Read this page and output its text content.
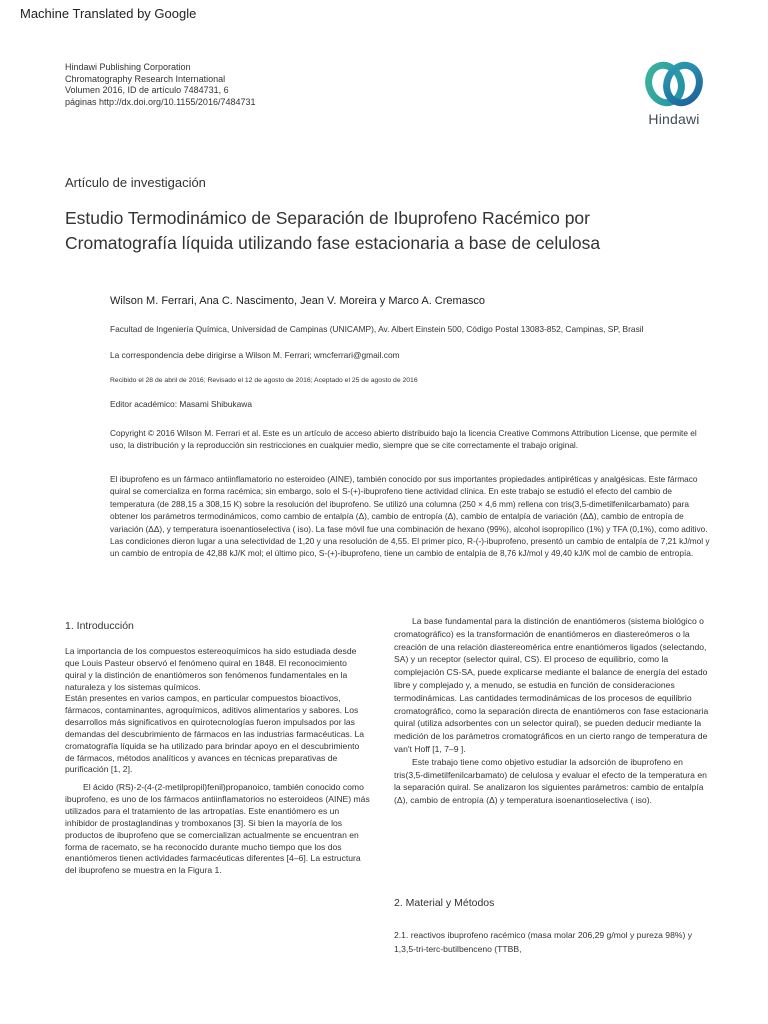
Machine Translated by Google
Hindawi Publishing Corporation
Chromatography Research International
Volumen 2016, ID de artículo 7484731, 6
páginas http://dx.doi.org/10.1155/2016/7484731
Hindawi
Artículo de investigación
Estudio Termodinámico de Separación de Ibuprofeno Racémico por
Cromatografía líquida utilizando fase estacionaria a base de celulosa
Wilson M. Ferrari, Ana C. Nascimento, Jean V. Moreira y Marco A. Cremasco
Facultad de Ingeniería Química, Universidad de Campinas (UNICAMP), Av. Albert Einstein 500, Código Postal 13083-852, Campinas, SP, Brasil
La correspondencia debe dirigirse a Wilson M. Ferrari; wmcferrari@gmail.com
Recibido el 28 de abril de 2016; Revisado el 12 de agosto de 2016; Aceptado el 25 de agosto de 2016
Editor académico: Masami Shibukawa
Copyright © 2016 Wilson M. Ferrari et al. Este es un artículo de acceso abierto distribuido bajo la licencia Creative Commons Attribution License, que permite el uso, la distribución y la reproducción sin restricciones en cualquier medio, siempre que se cite correctamente el trabajo original.
El ibuprofeno es un fármaco antiinflamatorio no esteroideo (AINE), también conocido por sus importantes propiedades antipiréticas y analgésicas. Este fármaco quiral se comercializa en forma racémica; sin embargo, solo el S-(+)-ibuprofeno tiene actividad clínica. En este trabajo se estudió el efecto del cambio de temperatura (de 288,15 a 308,15 K) sobre la resolución del ibuprofeno. Se utilizó una columna (250 × 4,6 mm) rellena con tris(3,5-dimetilfenilcarbamato) para obtener los parámetros termodinámicos, como cambio de entalpía (Δ), cambio de entropía (Δ), cambio de entalpía de variación (ΔΔ), cambio de entropía de variación (ΔΔ), y temperatura isoenantioselectiva ( iso). La fase móvil fue una combinación de hexano (99%), alcohol isopropílico (1%) y TFA (0,1%), como aditivo. Las condiciones dieron lugar a una selectividad de 1,20 y una resolución de 4,55. El primer pico, R-(-)-ibuprofeno, presentó un cambio de entalpía de 7,21 kJ/mol y un cambio de entropía de 42,88 kJ/K mol; el último pico, S-(+)-ibuprofeno, tiene un cambio de entalpía de 8,76 kJ/mol y 49,40 kJ/K mol de cambio de entropía.
1. Introducción

La importancia de los compuestos estereoquímicos ha sido estudiada desde que Louis Pasteur observó el fenómeno quiral en 1848. El reconocimiento quiral y la distinción de enantiómeros son fenómenos fundamentales en la naturaleza y los sistemas químicos.

Están presentes en varios campos, en particular compuestos bioactivos, fármacos, contaminantes, agroquímicos, aditivos alimentarios y sabores. Los desarrollos más significativos en quirotecnologías fueron impulsados por las demandas del descubrimiento de fármacos en las industrias farmacéuticas. La cromatografía líquida se ha utilizado para brindar apoyo en el descubrimiento de fármacos, métodos analíticos y avances en técnicas preparativas de purificación [1, 2].

El ácido (RS)-2-(4-(2-metilpropil)fenil)propanoico, también conocido como ibuprofeno, es uno de los fármacos antiinflamatorios no esteroideos (AINE) más utilizados para el tratamiento de las artropatías. Este enantiómero es un inhibidor de prostaglandinas y tromboxanos [3]. Si bien la mayoría de los productos de ibuprofeno que se comercializan actualmente se encuentran en forma de racemato, se ha reconocido durante mucho tiempo que los dos enantiómeros tienen actividades farmacéuticas diferentes [4–6]. La estructura del ibuprofeno se muestra en la Figura 1.

La base fundamental para la distinción de enantiómeros (sistema biológico o cromatográfico) es la transformación de enantiómeros en diastereómeros o la creación de una relación diastereomérica entre enantiómeros ligados (selectando, SA) y un receptor (selector quiral, CS). El proceso de equilibrio, como la complejación CS-SA, puede explicarse mediante el balance de energía del estado libre y complejado y, a menudo, se estudia en función de consideraciones termodinámicas. Las cantidades termodinámicas de los procesos de equilibrio cromatográfico, como la separación directa de enantiómeros con fase estacionaria quiral (utiliza adsorbentes con un selector quiral), se pueden deducir mediante la medición de los parámetros cromatográficos en un cierto rango de temperatura de van't Hoff [1, 7–9 ].

Este trabajo tiene como objetivo estudiar la adsorción de ibuprofeno en tris(3,5-dimetilfenilcarbamato) de celulosa y evaluar el efecto de la temperatura en la separación quiral. Se analizaron los siguientes parámetros: cambio de entalpía (Δ), cambio de entropía (Δ) y temperatura isoenantioselectiva ( iso).

2. Material y Métodos
2.1. reactivos ibuprofeno racémico (masa molar 206,29 g/mol y pureza 98%) y 1,3,5-tri-terc-butilbenceno (TTBB,
